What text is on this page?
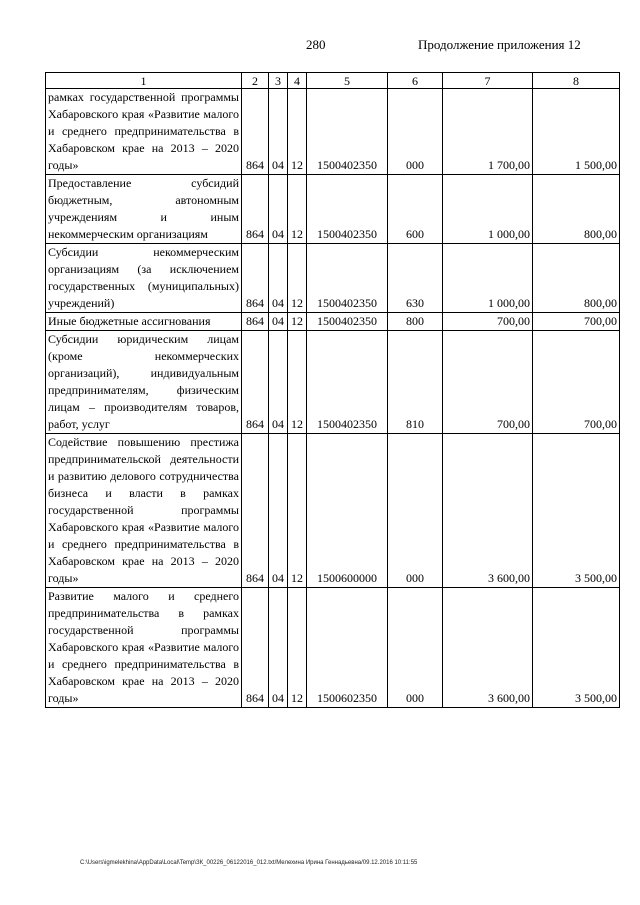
280	Продолжение приложения 12
1	2	3	4	5	6	7	8
рамках государственной программы Хабаровского края «Развитие малого и среднего предпринимательства в Хабаровском крае на 2013 – 2020 годы»	864	04	12	1500402350	000	1 700,00	1 500,00
Предоставление субсидий бюджетным, автономным учреждениям и иным некоммерческим организациям	864	04	12	1500402350	600	1 000,00	800,00
Субсидии некоммерческим организациям (за исключением государственных (муниципальных) учреждений)	864	04	12	1500402350	630	1 000,00	800,00
Иные бюджетные ассигнования	864	04	12	1500402350	800	700,00	700,00
Субсидии юридическим лицам (кроме некоммерческих организаций), индивидуальным предпринимателям, физическим лицам – производителям товаров, работ, услуг	864	04	12	1500402350	810	700,00	700,00
Содействие повышению престижа предпринимательской деятельности и развитию делового сотрудничества бизнеса и власти в рамках государственной программы Хабаровского края «Развитие малого и среднего предпринимательства в Хабаровском крае на 2013 – 2020 годы»	864	04	12	1500600000	000	3 600,00	3 500,00
Развитие малого и среднего предпринимательства в рамках государственной программы Хабаровского края «Развитие малого и среднего предпринимательства в Хабаровском крае на 2013 – 2020 годы»	864	04	12	1500602350	000	3 600,00	3 500,00
C:\Users\igmelekhina\AppData\Local\Temp\ЗК_00226_06122016_012.txt/Мелехина Ирина Геннадьевна/09.12.2016 10:11:55
